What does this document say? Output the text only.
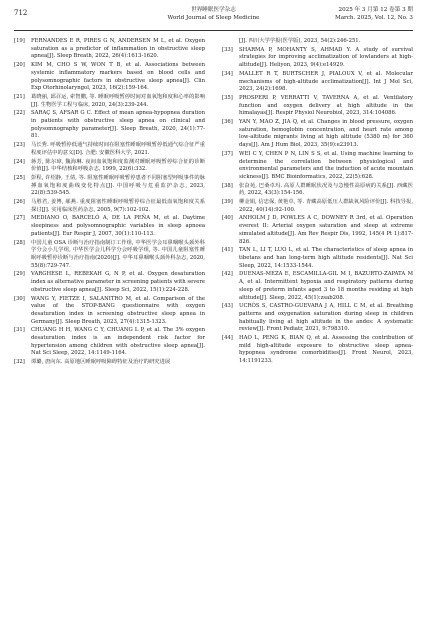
712	世界睡眠医学杂志
World Journal of Sleep Medicine
2025 年 3 月第 12 卷第 3 期
March. 2025, Vol. 12, No. 3
[19]	FERNANDES E R, PIRES G N, ANDERSEN M L, et al. Oxygen saturation as a predictor of inflammation in obstructive sleep apnea[J]. Sleep Breath, 2022, 26(4):1613-1620.
[20]	KIM M, CHO S W, WON T B, et al. Associations between systemic inflammatory markers based on blood cells and polysomnographic factors in obstructive sleep apnea[J]. Clin Exp Otorhinolaryngol, 2023, 16(2):159-164.
[21]	葛晓丽, 邱召运, 索智鹏, 等. 睡眠呼吸暂停时间对血氧饱和度和心率的影响[J]. 生物医学工程与临床, 2020, 24(3):239-244.
[22]	SARAÇ S, AFSAR G C. Effect of mean apnea-hypopnea duration in patients with obstructive sleep apnea on clinical and polysomnography parameter[J]. Sleep Breath, 2020, 24(1):77-81.
[23]	马长秀. 呼吸暂停低通气持续时间在阻塞性睡眠呼吸暂停低通气综合征严重程度评估中的意义[D]. 合肥: 安徽医科大学, 2021.
[24]	蒋芳, 陈尔璋, 魏海琳. 夜间血氧饱和度监测对睡眠呼吸暂停综合征的诊断价值[J]. 中华结核和呼吸杂志, 1999, 22(6):332.
[25]	彭程, 许绍静, 王倩, 等. 阻塞性睡眠呼吸暂停患者不同阻塞型呼吸事件的脉搏血氧饱和度曲线变化特点[J]. 中国呼吸与危重监护杂志, 2023, 22(8):539-545.
[26]	马胜君, 姜博, 郝燕. 重度阻塞性睡眠呼吸暂停综合征最低血氧饱和度关系探讨[J]. 实用临床医药杂志, 2005, 9(7):102-102.
[27]	MEDIANO O, BARCELÓ A, DE LA PEÑA M, et al. Daytime sleepiness and polysomnographic variables in sleep apnoea patients[J]. Eur Respir J, 2007, 30(1):110-113.
[28]	中国儿童 OSA 诊断与治疗指南制订工作组, 中华医学会耳鼻咽喉头颈外科学分会小儿学组, 中华医学会儿科学分会呼吸学组, 等. 中国儿童阻塞性睡眠呼吸暂停诊断与治疗指南(2020)[J]. 中华耳鼻咽喉头颈外科杂志, 2020, 55(8):729-747.
[29]	VARGHESE L, REBEKAH G, N P, et al. Oxygen desaturation index as alternative parameter in screening patients with severe obstructive sleep apnea[J]. Sleep Sci, 2022, 15(1):224-228.
[30]	WANG Y, FIETZE I, SALANITRO M, et al. Comparison of the value of the STOP-BANG questionnaire with oxygen desaturation index in screening obstructive sleep apnea in Germany[J]. Sleep Breath, 2023, 27(4):1315-1323.
[31]	CHUANG H H, WANG C Y, CHUANG L P, et al. The 3% oxygen desaturation index is an independent risk factor for hypertension among children with obstructive sleep apnea[J]. Nat Sci Sleep, 2022, 14:1149-1164.
[32]	谭璐, 唐向东. 高原地区睡眠呼吸障碍特征及治疗的研究进展
[J]. 四川大学学报(医学版), 2023, 54(2):246-251.
[33]	SHARMA P, MOHANTY S, AHMAD Y. A study of survival strategies for improving acclimatization of lowlanders at high-altitude[J]. Heliyon, 2023, 9(4):e14929.
[34]	MALLET R T, BURTSCHER J, PIALOUX V, et al. Molecular mechanisms of high-altitude acclimatization[J]. Int J Mol Sci, 2023, 24(2):1698.
[35]	PROSPERI P, VERRATTI V, TAVERNA A, et al. Ventilatory function and oxygen delivery at high altitude in the himalayas[J]. Respir Physiol Neurobiol, 2023, 314:104086.
[36]	YAN Y, MAO Z, JIA Q, et al. Changes in blood pressure, oxygen saturation, hemoglobin concentration, and heart rate among low-altitude migrants living at high altitude (5380 m) for 360 days[J]. Am J Hum Biol, 2023, 35(9):e23913.
[37]	WEI C Y, CHEN P N, LIN S S, et al. Using machine learning to determine the correlation between physiological and environmental parameters and the induction of acute mountain sickness[J]. BMC Bioinformatics, 2022, 22(5):628.
[38]	张奋苑, 巴桑卓玛. 高原人群睡眠状况及与急慢性高原病的关系[J]. 西藏医药, 2022, 43(3):154-156.
[39]	柳金娟, 信忠保, 黄艳卓, 等. 青藏高原低压人群缺氧风险评价[J]. 科技导报, 2022, 40(14):92-100.
[40]	ANHOLM J D, POWLES A C, DOWNEY R 3rd, et al. Operation everest II: Arterial oxygen saturation and sleep at extreme simulated altitude[J]. Am Rev Respir Dis, 1992, 145(4 Pt 1):817-826.
[41]	TAN L, LI T, LUO L, et al. The characteristics of sleep apnea in tibetans and han long-term high altitude residents[J]. Nat Sci Sleep, 2022, 14:1533-1544.
[42]	DUENAS-MEZA E, ESCAMILLA-GIL M I, BAZURTO-ZAPATA M A, et al. Intermittent hypoxia and respiratory patterns during sleep of preterm infants aged 3 to 18 months residing at high altitude[J]. Sleep, 2022, 45(1):zsab208.
[43]	UCRÓS S, CASTRO-GUEVARA J A, HILL C M, et al. Breathing patterns and oxygenation saturation during sleep in children habitually living at high altitude in the andes: A systematic review[J]. Front Pediatr, 2021, 9:798310.
[44]	HAO L, PENG K, BIAN Q, et al. Assessing the contribution of mild high-altitude exposure to obstructive sleep apnea-hypopnea syndrome comorbidities[J]. Front Neurol, 2023, 14:1191233.
